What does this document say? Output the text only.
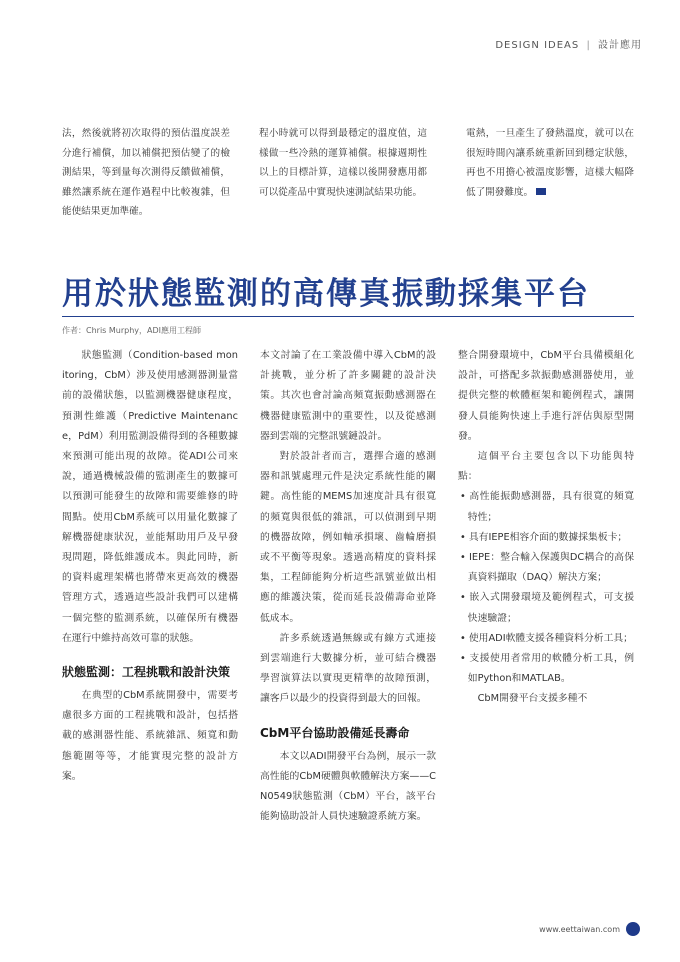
DESIGN IDEAS | 設計應用
法，然後就將初次取得的預估溫度誤差分進行補償，加以補償把預估變了的檢測結果，等到量每次測得反饋做補償，雖然讓系統在運作過程中比較複雜，但能使結果更加準確。
程小時就可以得到最穩定的溫度值，這樣做一些冷熱的運算補償。根據週期性以上的目標計算，這樣以後開發應用都可以從產品中實現快速測試結果功能。
電熱，一旦產生了發熱溫度，就可以在很短時間內讓系統重新回到穩定狀態，再也不用擔心被溫度影響，這樣大幅降低了開發難度。
用於狀態監測的高傳真振動採集平台
作者：Chris Murphy，ADI應用工程師

狀態監測（Condition-based monitoring，CbM）涉及使用感測器測量當前的設備狀態，以監測機器健康程度，預測性維護（Predictive Maintenance，PdM）利用監測設備得到的各種數據來預測可能出現的故障。從ADI公司來說，通過機械設備的監測產生的數據可以預測可能發生的故障和需要維修的時間點。使用CbM系統可以用量化數據了解機器健康狀況，並能幫助用戶及早發現問題，降低維護成本。與此同時，新的資料處理架構也將帶來更高效的機器管理方式，透過這些設計我們可以建構一個完整的監測系統，以確保所有機器在運行中維持高效可靠的狀態。

狀態監測：工程挑戰和設計決策

在典型的CbM系統開發中，需要考慮很多方面的工程挑戰和設計，包括搭載的感測器性能、系統雜訊、頻寬和動態範圍等等，才能實現完整的設計方案。

本文討論了在工業設備中導入CbM的設計挑戰，並分析了許多關鍵的設計決策。其次也會討論高頻寬振動感測器在機器健康監測中的重要性，以及從感測器到雲端的完整訊號鏈設計。

對於設計者而言，選擇合適的感測器和訊號處理元件是決定系統性能的關鍵。高性能的MEMS加速度計具有很寬的頻寬與很低的雜訊，可以偵測到早期的機器故障，例如軸承損壞、齒輪磨損或不平衡等現象。透過高精度的資料採集，工程師能夠分析這些訊號並做出相應的維護決策，從而延長設備壽命並降低成本。

許多系統透過無線或有線方式連接到雲端進行大數據分析，並可結合機器學習演算法以實現更精準的故障預測，讓客戶以最少的投資得到最大的回報。

CbM平台協助設備延長壽命

本文以ADI開發平台為例，展示一款高性能的CbM硬體與軟體解決方案——CN0549狀態監測（CbM）平台，該平台能夠協助設計人員快速驗證系統方案。

整合開發環境中，CbM平台具備模組化設計，可搭配多款振動感測器使用，並提供完整的軟體框架和範例程式，讓開發人員能夠快速上手進行評估與原型開發。

這個平台主要包含以下功能與特點：

• 高性能振動感測器，具有很寬的頻寬特性；

• 具有IEPE相容介面的數據採集板卡；

• IEPE：整合輸入保護與DC耦合的高保真資料擷取（DAQ）解決方案；

• 嵌入式開發環境及範例程式，可支援快速驗證；

• 使用ADI軟體支援各種資料分析工具；

• 支援使用者常用的軟體分析工具，例如Python和MATLAB。

CbM開發平台支援多種不

www.eettaiwan.com
